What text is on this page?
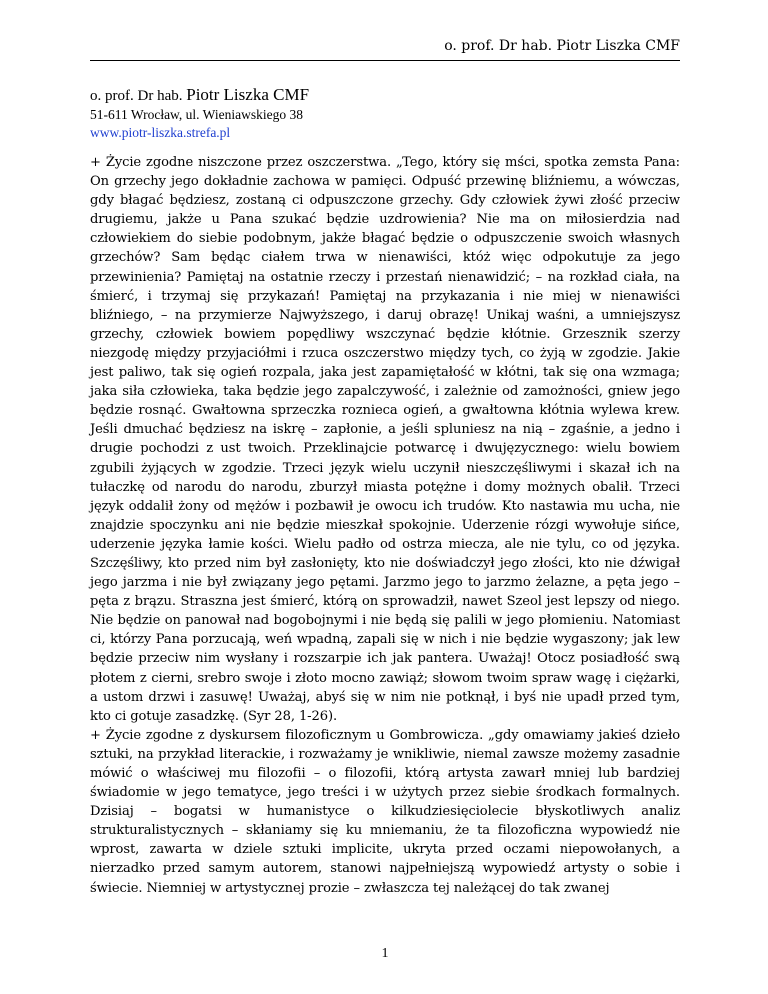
o. prof. Dr hab. Piotr Liszka CMF
o. prof. Dr hab. Piotr Liszka CMF
51-611 Wrocław, ul. Wieniawskiego 38
www.piotr-liszka.strefa.pl

+ Życie zgodne niszczone przez oszczerstwa. „Tego, który się mści, spotka zemsta Pana: On grzechy jego dokładnie zachowa w pamięci. Odpuść przewinę bliźniemu, a wówczas, gdy błagać będziesz, zostaną ci odpuszczone grzechy. Gdy człowiek żywi złość przeciw drugiemu, jakże u Pana szukać będzie uzdrowienia? Nie ma on miłosierdzia nad człowiekiem do siebie podobnym, jakże błagać będzie o odpuszczenie swoich własnych grzechów? Sam będąc ciałem trwa w nienawiści, któż więc odpokutuje za jego przewinienia? Pamiętaj na ostatnie rzeczy i przestań nienawidzić; – na rozkład ciała, na śmierć, i trzymaj się przykazań! Pamiętaj na przykazania i nie miej w nienawiści bliźniego, – na przymierze Najwyższego, i daruj obrazę! Unikaj waśni, a umniejszysz grzechy, człowiek bowiem popędliwy wszczynać będzie kłótnie. Grzesznik szerzy niezgodę między przyjaciółmi i rzuca oszczerstwo między tych, co żyją w zgodzie. Jakie jest paliwo, tak się ogień rozpala, jaka jest zapamiętałość w kłótni, tak się ona wzmaga; jaka siła człowieka, taka będzie jego zapalczywość, i zależnie od zamożności, gniew jego będzie rosnąć. Gwałtowna sprzeczka roznieca ogień, a gwałtowna kłótnia wylewa krew. Jeśli dmuchać będziesz na iskrę – zapłonie, a jeśli splunie​sz na nią – zgaśnie, a jedno i drugie pochodzi z ust twoich. Przeklinajcie potwarcę i dwujęzycznego: wielu bowiem zgubili żyjących w zgodzie. Trzeci język wielu uczynił nieszczęśliwymi i skazał ich na tułaczkę od narodu do narodu, zburzył miasta potężne i domy możnych obalił. Trzeci język oddalił żony od mężów i pozbawił je owocu ich trudów. Kto nastawia mu ucha, nie znajdzie spoczynku ani nie będzie mieszkał spokojnie. Uderzenie rózgi wywołuje sińce, uderzenie języka łamie kości. Wielu padło od ostrza miecza, ale nie tylu, co od języka. Szczęśliwy, kto przed nim był zasłonięty, kto nie doświadczył jego złości, kto nie dźwigał jego jarzma i nie był związany jego pętami. Jarzmo jego to jarzmo żelazne, a pęta jego – pęta z brązu. Straszna jest śmierć, którą on sprowadził, nawet Szeol jest lepszy od niego. Nie będzie on panował nad bogobojnymi i nie będą się palili w jego płomieniu. Natomiast ci, którzy Pana porzucają, weń wpadną, zapali się w nich i nie będzie wygaszony; jak lew będzie przeciw nim wysłany i rozszarpie ich jak pantera. Uważaj! Otocz posiadłość swą płotem z cierni, srebro swoje i złoto mocno zawiąż; słowom twoim spraw wagę i ciężarki, a ustom drzwi i zasuwę! Uważaj, abyś się w nim nie potknął, i byś nie upadł przed tym, kto ci gotuje zasadzkę. (Syr 28, 1-26).

+ Życie zgodne z dyskursem filozoficznym u Gombrowicza. „gdy omawiamy jakieś dzieło sztuki, na przykład literackie, i rozważamy je wnikliwie, niemal zawsze możemy zasadnie mówić o właściwej mu filozofii – o filozofii, którą artysta zawarł mniej lub bardziej świadomie w jego tematyce, jego treści i w użytych przez siebie środkach formalnych. Dzisiaj – bogatsi w humanistyce o kilkudziesięciolecie błyskotliwych analiz strukturalistycznych – skłaniamy się ku mniemaniu, że ta filozoficzna wypowiedź nie wprost, zawarta w dziele sztuki implicite, ukryta przed oczami niepowołanych, a nierzadko przed samym autorem, stanowi najpełniejszą wypowiedź artysty o sobie i świecie. Niemniej w artystycznej prozie – zwłaszcza tej należącej do tak zwanej

1
